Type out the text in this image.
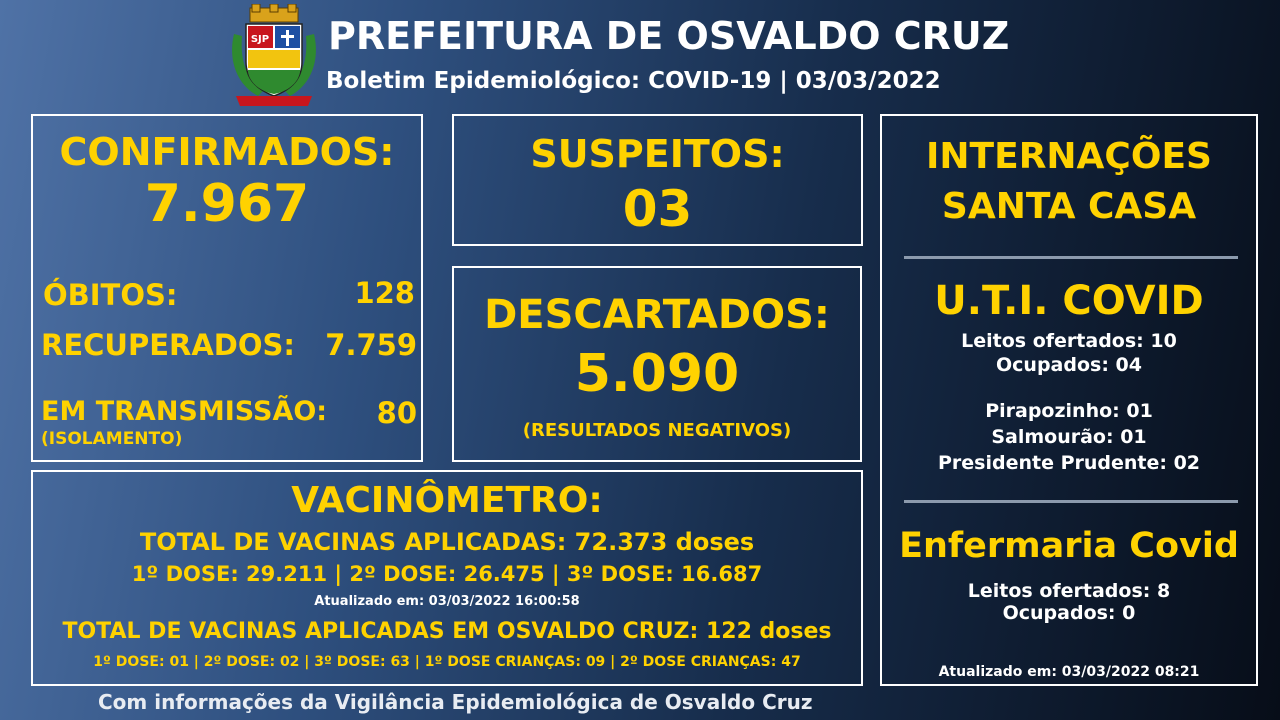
SJP PREFEITURA DE OSVALDO CRUZ
Boletim Epidemiológico: COVID-19 | 03/03/2022
CONFIRMADOS:
7.967
ÓBITOS:	128
RECUPERADOS: 7.759
EM TRANSMISSÃO: 80
(ISOLAMENTO)
SUSPEITOS:
03
DESCARTADOS:
5.090
(RESULTADOS NEGATIVOS)
VACINÔMETRO:
TOTAL DE VACINAS APLICADAS: 72.373 doses
1º DOSE: 29.211 | 2º DOSE: 26.475 | 3º DOSE: 16.687
Atualizado em: 03/03/2022 16:00:58
TOTAL DE VACINAS APLICADAS EM OSVALDO CRUZ: 122 doses
1º DOSE: 01 | 2º DOSE: 02 | 3º DOSE: 63 | 1º DOSE CRIANÇAS: 09 | 2º DOSE CRIANÇAS: 47
INTERNAÇÕES
SANTA CASA
U.T.I. COVID
Leitos ofertados: 10
Ocupados: 04
Pirapozinho: 01
Salmourão: 01
Presidente Prudente: 02
Enfermaria Covid
Leitos ofertados: 8
Ocupados: 0
Atualizado em: 03/03/2022 08:21
Com informações da Vigilância Epidemiológica de Osvaldo Cruz
